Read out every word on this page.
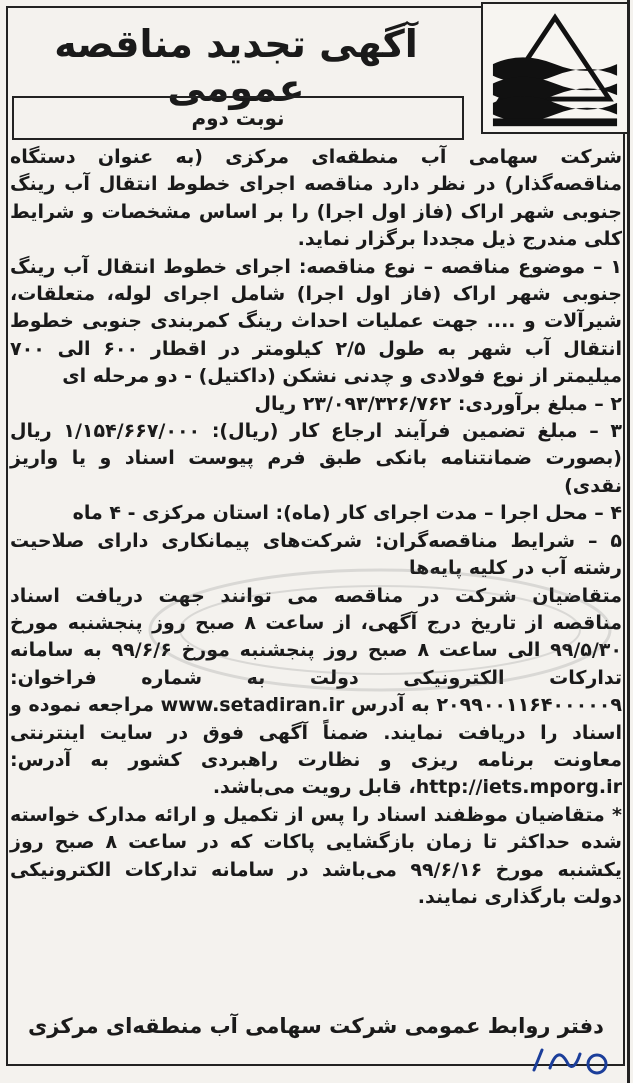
آگهی تجدید مناقصه عمومی
نوبت دوم

شرکت سهامی آب منطقه‌ای مرکزی (به عنوان دستگاه مناقصه‌گذار) در نظر دارد مناقصه اجرای خطوط انتقال آب رینگ جنوبی شهر اراک (فاز اول اجرا) را بر اساس مشخصات و شرایط کلی مندرج ذیل مجددا برگزار نماید.

۱ – موضوع مناقصه – نوع مناقصه: اجرای خطوط انتقال آب رینگ جنوبی شهر اراک (فاز اول اجرا) شامل اجرای لوله، متعلقات، شیرآلات و .... جهت عملیات احداث رینگ کمربندی جنوبی خطوط انتقال آب شهر به طول ۲/۵ کیلومتر در اقطار ۶۰۰ الی ۷۰۰ میلیمتر از نوع فولادی و چدنی نشکن (داکتیل) - دو مرحله ای

۲ – مبلغ برآوردی: ۲۳/۰۹۳/۳۲۶/۷۶۲ ریال

۳ – مبلغ تضمین فرآیند ارجاع کار (ریال): ۱/۱۵۴/۶۶۷/۰۰۰ ریال (بصورت ضمانتنامه بانکی طبق فرم پیوست اسناد و یا واریز نقدی)

۴ – محل اجرا – مدت اجرای کار (ماه): استان مرکزی - ۴ ماه

۵ – شرایط مناقصه‌گران: شرکت‌های پیمانکاری دارای صلاحیت رشته آب در کلیه پایه‌ها

متقاضیان شرکت در مناقصه می توانند جهت دریافت اسناد مناقصه از تاریخ درج آگهی، از ساعت ۸ صبح روز پنجشنبه مورخ ۹۹/۵/۳۰ الی ساعت ۸ صبح روز پنجشنبه مورخ ۹۹/۶/۶ به سامانه تدارکات الکترونیکی دولت به شماره فراخوان: ۲۰۹۹۰۰۱۱۶۴۰۰۰۰۰۹ به آدرس www.setadiran.ir مراجعه نموده و اسناد را دریافت نمایند. ضمناً آگهی فوق در سایت اینترنتی معاونت برنامه ریزی و نظارت راهبردی کشور به آدرس: http://iets.mporg.ir، قابل رویت می‌باشد.

* متقاضیان موظفند اسناد را پس از تکمیل و ارائه مدارک خواسته شده حداکثر تا زمان بازگشایی پاکات که در ساعت ۸ صبح روز یکشنبه مورخ ۹۹/۶/۱۶ می‌باشد در سامانه تدارکات الکترونیکی دولت بارگذاری نمایند.

دفتر روابط عمومی شرکت سهامی آب منطقه‌ای مرکزی
